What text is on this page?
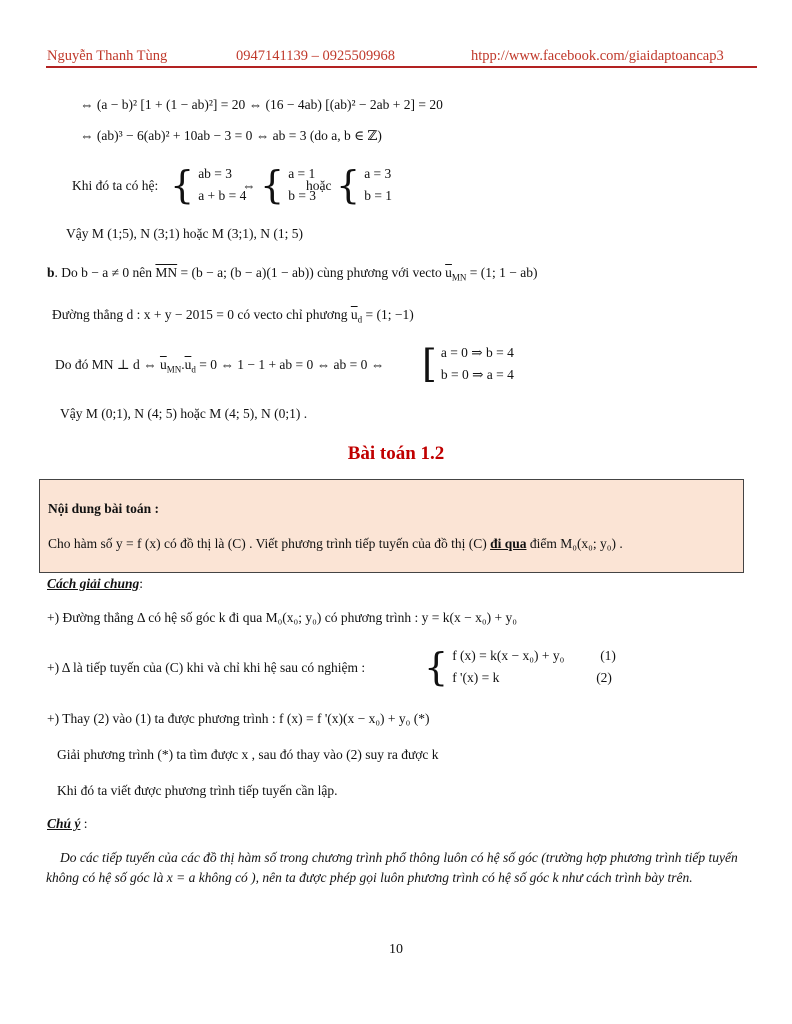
Nguyễn Thanh Tùng	0947141139 – 0925509968	htpp://www.facebook.com/giaidaptoancap3
⇔ (a − b)² [1 + (1 − ab)²] = 20 ⇔ (16 − 4ab) [(ab)² − 2ab + 2] = 20
⇔ (ab)³ − 6(ab)² + 10ab − 3 = 0 ⇔ ab = 3 (do a, b ∈ ℤ)
Khi đó ta có hệ: { ab = 3
a + b = 4
⇔ { a = 1
b = 3
hoặc { a = 3
b = 1
Vậy M (1;5), N (3;1) hoặc M (3;1), N (1; 5)
b. Do b − a ≠ 0 nên $\overline{MN} = (b - a$; (b − a)(1 − ab)) cùng phương với vecto $\overline{u}_{MN} = (1$; 1 − ab)
Đường thẳng d : x + y − 2015 = 0 có vecto chỉ phương $\overline{u}_d = (1$; −1)
Do đó MN ⊥ d ⇔ $\overline{u}_{MN}.\overline{u}_d = 0$ ⇔ 1 − 1 + ab = 0 ⇔ ab = 0 ⇔ [ a = 0 ⇒ b = 4
b = 0 ⇒ a = 4
Vậy M (0;1), N (4; 5) hoặc M (4; 5), N (0;1) .
Bài toán 1.2
Nội dung bài toán :
Cho hàm số y = f (x) có đồ thị là (C) . Viết phương trình tiếp tuyến của đồ thị (C) đi qua điểm M₀(x₀; y₀) .
Cách giải chung:
+) Đường thẳng Δ có hệ số góc k đi qua M₀(x₀; y₀) có phương trình : y = k(x − x₀) + y₀
+) Δ là tiếp tuyến của (C) khi và chỉ khi hệ sau có nghiệm : { f (x) = k(x − x₀) + y₀	(1)
f '(x) = k	(2)
+) Thay (2) vào (1) ta được phương trình : f (x) = f '(x)(x − x₀) + y₀ (*)
Giải phương trình (*) ta tìm được x , sau đó thay vào (2) suy ra được k
Khi đó ta viết được phương trình tiếp tuyến cần lập.
Chú ý :
Do các tiếp tuyến của các đồ thị hàm số trong chương trình phổ thông luôn có hệ số góc (trường hợp phương trình tiếp tuyến không có hệ số góc là x = a không có ), nên ta được phép gọi luôn phương trình có hệ số góc k như cách trình bày trên.
10
